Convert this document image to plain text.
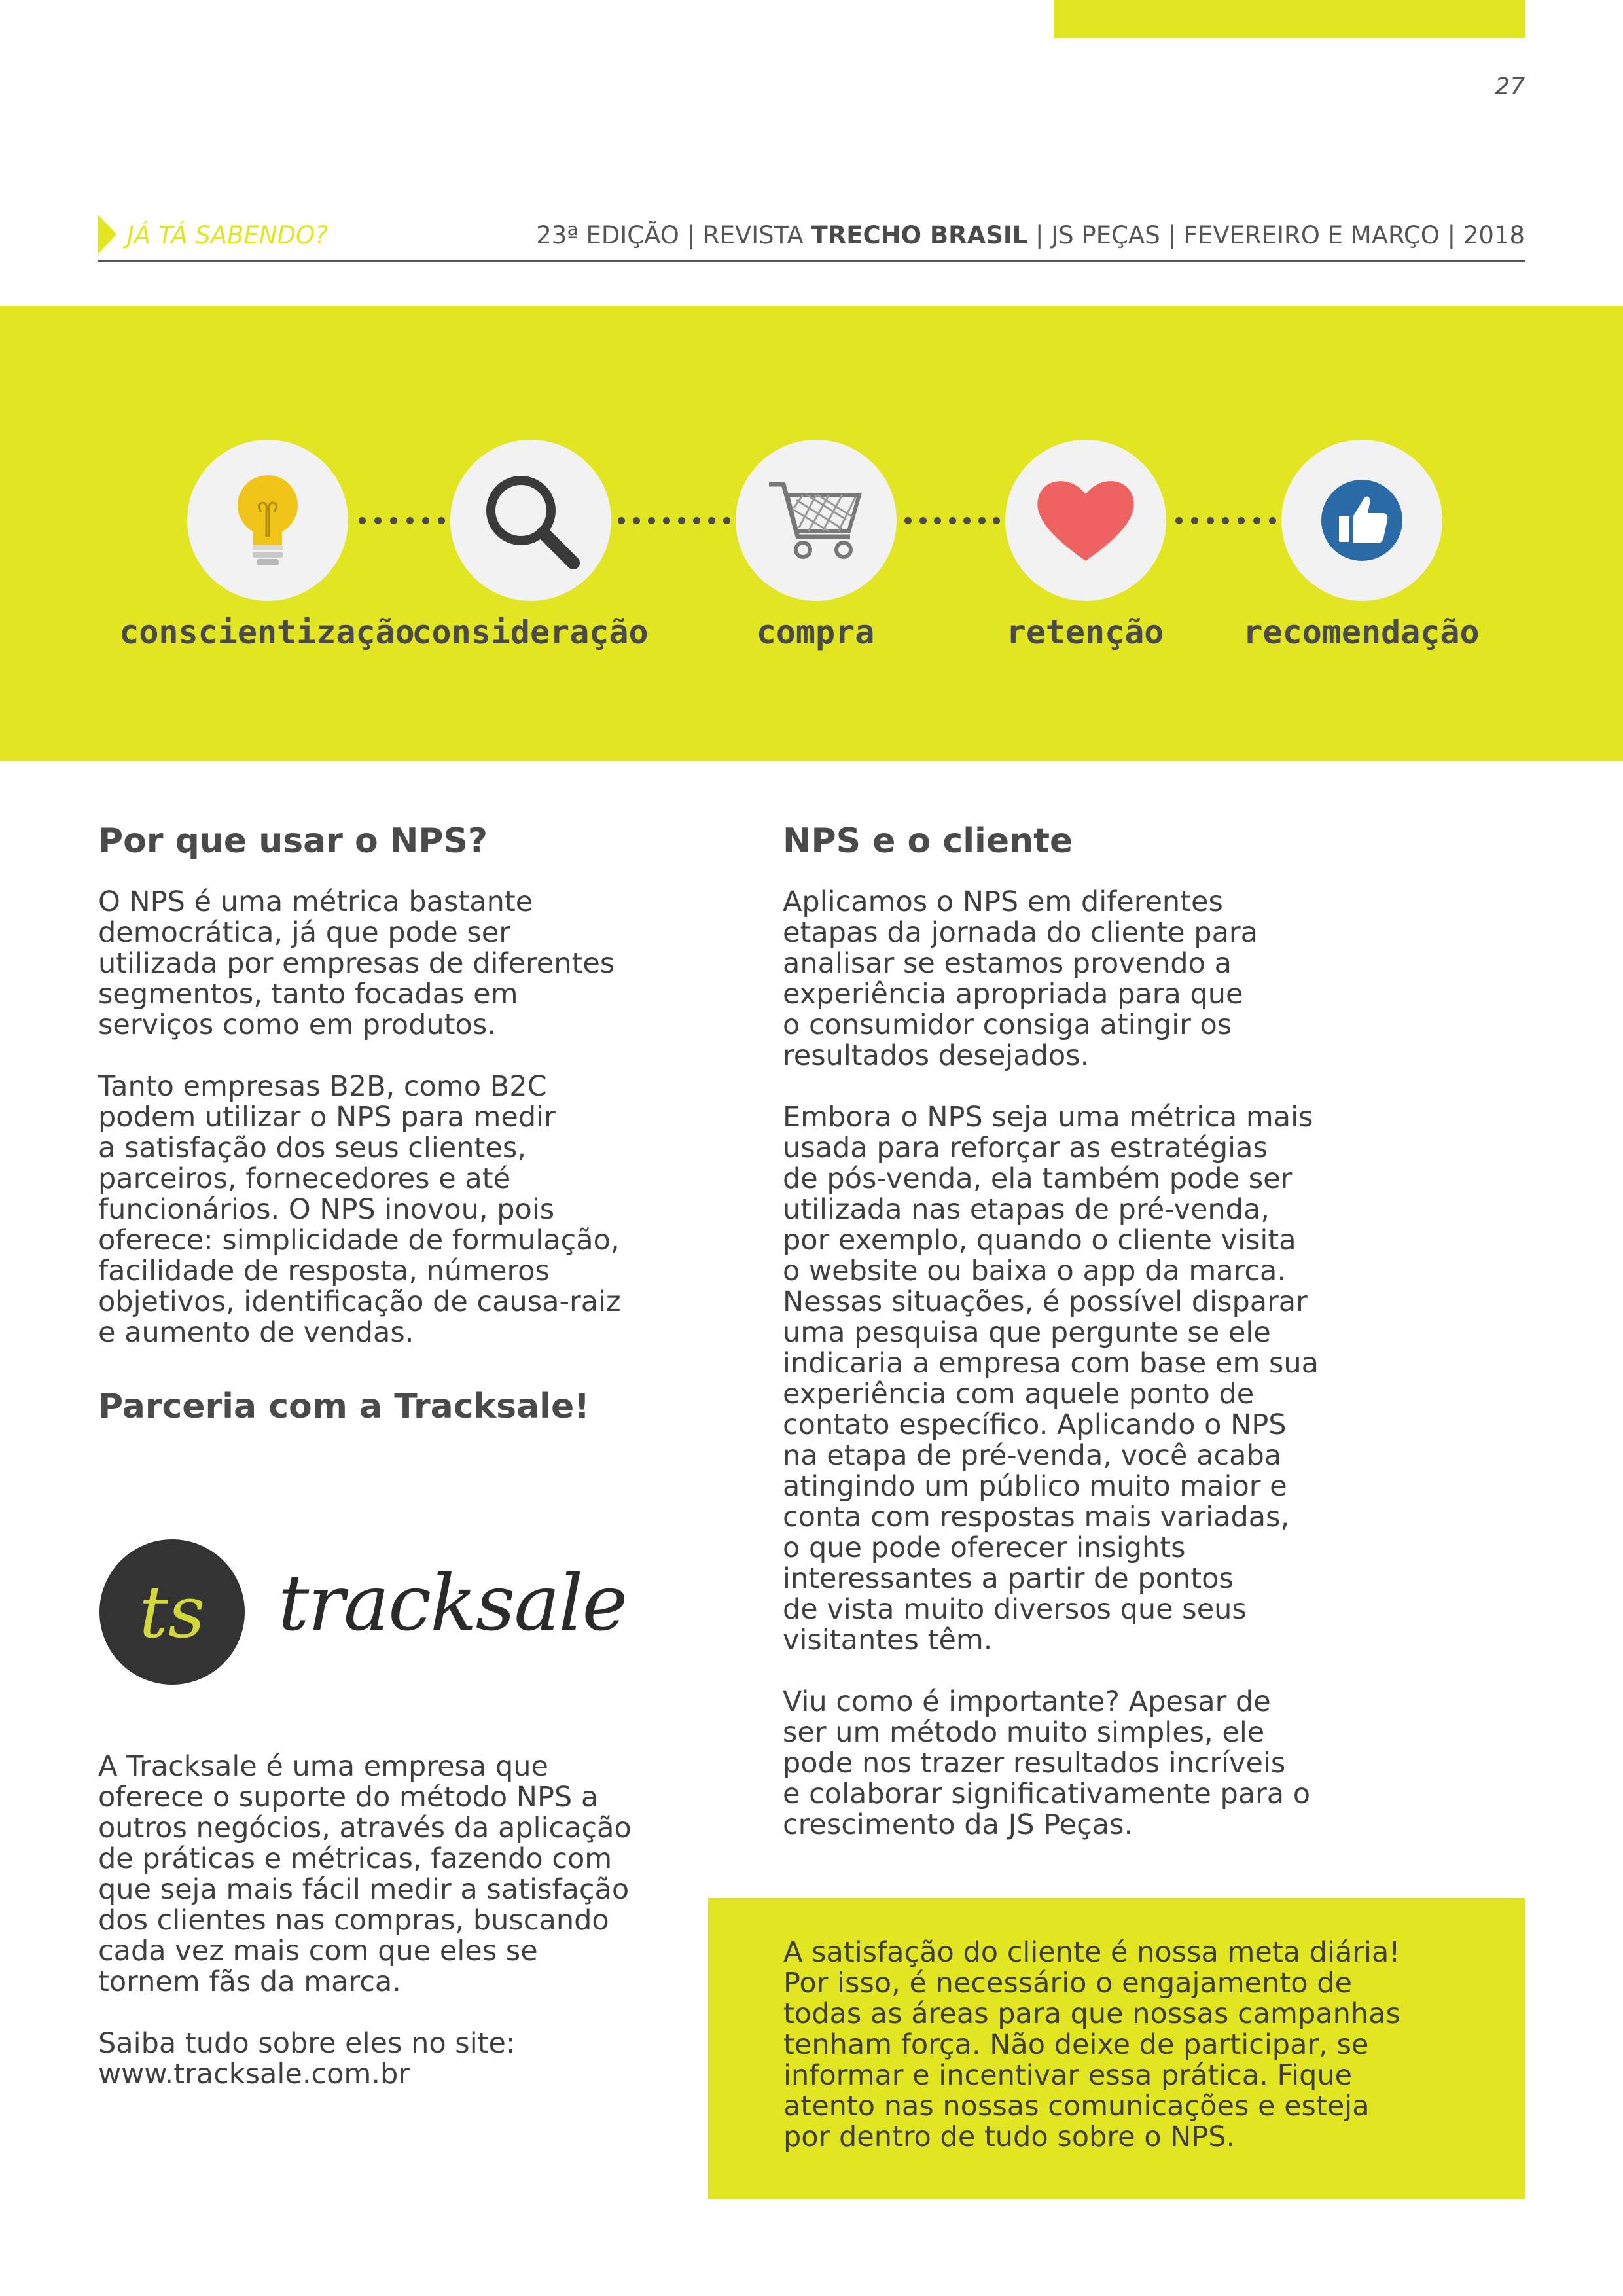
27
JÁ TÁ SABENDO?	23ª EDIÇÃO | REVISTA TRECHO BRASIL | JS PEÇAS | FEVEREIRO E MARÇO | 2018
conscientização
consideração	compra	retenção recomendação
Por que usar o NPS?

O NPS é uma métrica bastante
democrática, já que pode ser
utilizada por empresas de diferentes
segmentos, tanto focadas em
serviços como em produtos.

Tanto empresas B2B, como B2C
podem utilizar o NPS para medir
a satisfação dos seus clientes,
parceiros, fornecedores e até
funcionários. O NPS inovou, pois
oferece: simplicidade de formulação,
facilidade de resposta, números
objetivos, identificação de causa-raiz
e aumento de vendas.

Parceria com a Tracksale!
ts tracksale

A Tracksale é uma empresa que
oferece o suporte do método NPS a
outros negócios, através da aplicação
de práticas e métricas, fazendo com
que seja mais fácil medir a satisfação
dos clientes nas compras, buscando
cada vez mais com que eles se
tornem fãs da marca.

Saiba tudo sobre eles no site:
www.tracksale.com.br

NPS e o cliente

Aplicamos o NPS em diferentes
etapas da jornada do cliente para
analisar se estamos provendo a
experiência apropriada para que
o consumidor consiga atingir os
resultados desejados.

Embora o NPS seja uma métrica mais
usada para reforçar as estratégias
de pós-venda, ela também pode ser
utilizada nas etapas de pré-venda,
por exemplo, quando o cliente visita
o website ou baixa o app da marca.
Nessas situações, é possível disparar
uma pesquisa que pergunte se ele
indicaria a empresa com base em sua
experiência com aquele ponto de
contato específico. Aplicando o NPS
na etapa de pré-venda, você acaba
atingindo um público muito maior e
conta com respostas mais variadas,
o que pode oferecer insights
interessantes a partir de pontos
de vista muito diversos que seus
visitantes têm.

Viu como é importante? Apesar de
ser um método muito simples, ele
pode nos trazer resultados incríveis
e colaborar significativamente para o
crescimento da JS Peças.

A satisfação do cliente é nossa meta diária!
Por isso, é necessário o engajamento de
todas as áreas para que nossas campanhas
tenham força. Não deixe de participar, se
informar e incentivar essa prática. Fique
atento nas nossas comunicações e esteja
por dentro de tudo sobre o NPS.
